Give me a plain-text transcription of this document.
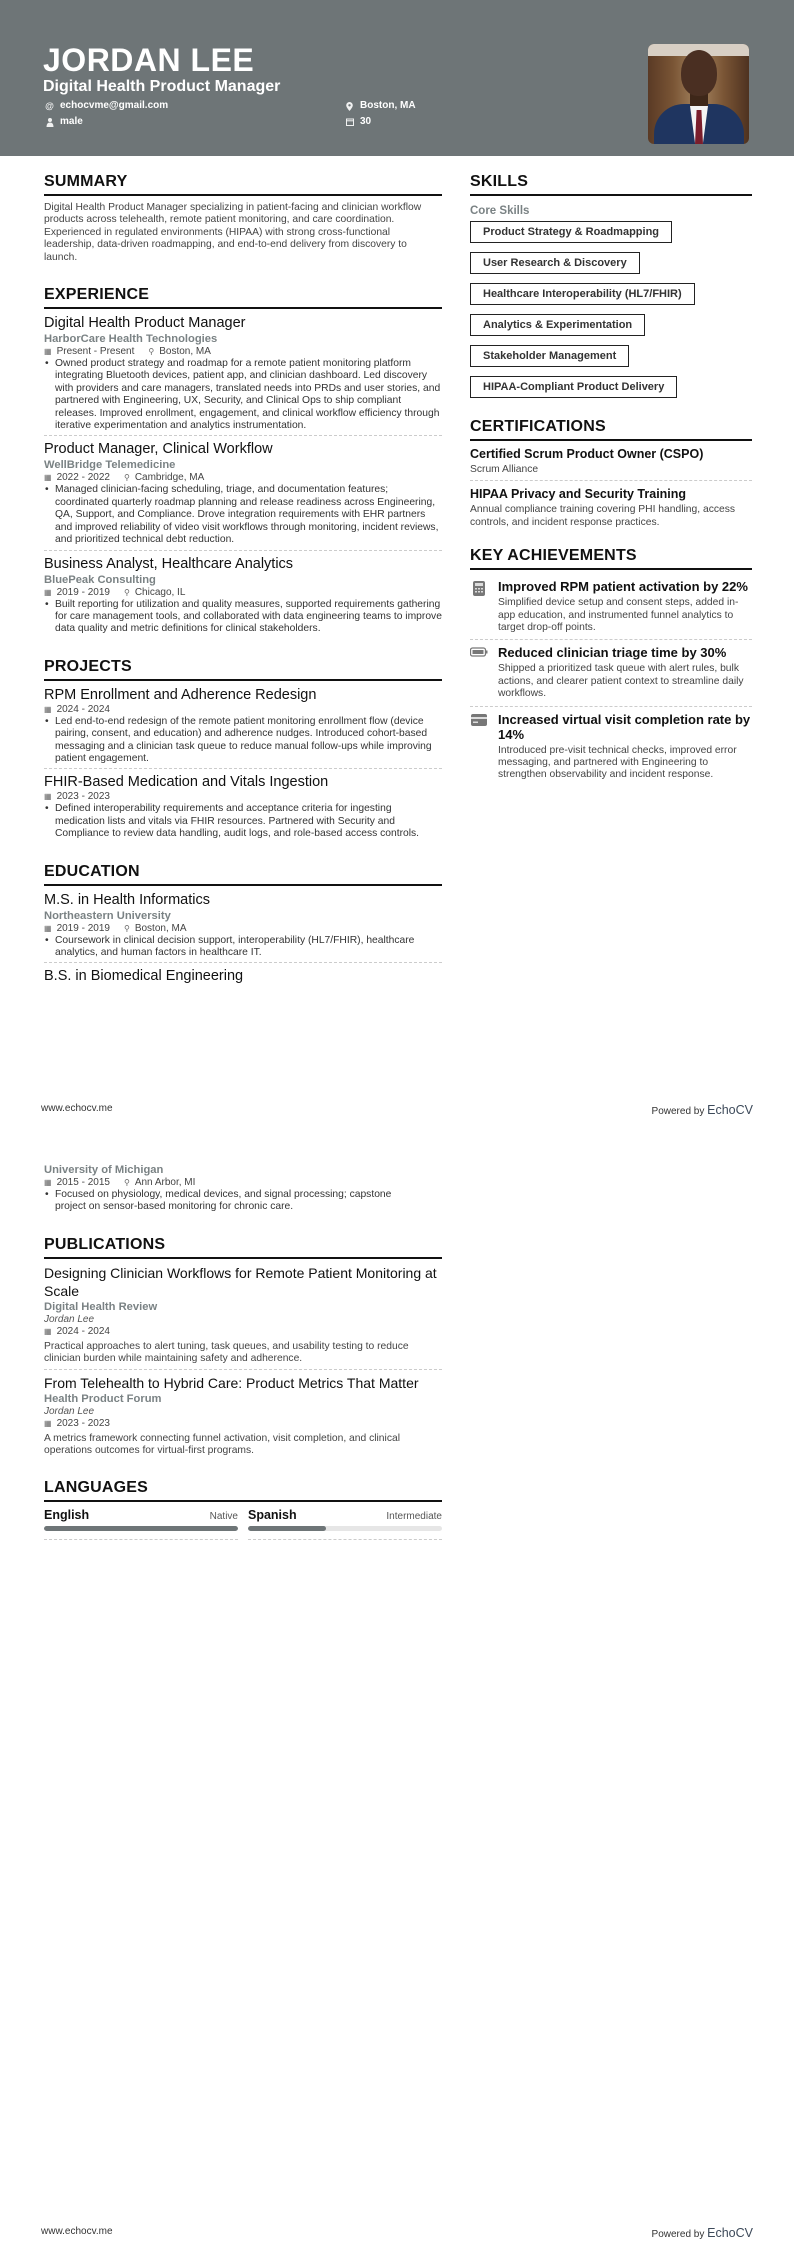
JORDAN LEE
Digital Health Product Manager
@ echocvme@gmail.com
male
Boston, MA
30
SUMMARY
Digital Health Product Manager specializing in patient-facing and clinician workflow products across telehealth, remote patient monitoring, and care coordination. Experienced in regulated environments (HIPAA) with strong cross-functional leadership, data-driven roadmapping, and end-to-end delivery from discovery to launch.
EXPERIENCE
Digital Health Product Manager
HarborCare Health Technologies
▦ Present - Present ⚲ Boston, MA
• Owned product strategy and roadmap for a remote patient monitoring platform integrating Bluetooth devices, patient app, and clinician dashboard. Led discovery with providers and care managers, translated needs into PRDs and user stories, and partnered with Engineering, UX, Security, and Clinical Ops to ship compliant releases. Improved enrollment, engagement, and clinical workflow efficiency through iterative experimentation and analytics instrumentation.
Product Manager, Clinical Workflow
WellBridge Telemedicine
▦ 2022 - 2022 ⚲ Cambridge, MA
• Managed clinician-facing scheduling, triage, and documentation features; coordinated quarterly roadmap planning and release readiness across Engineering, QA, Support, and Compliance. Drove integration requirements with EHR partners and improved reliability of video visit workflows through monitoring, incident reviews, and prioritized technical debt reduction.
Business Analyst, Healthcare Analytics
BluePeak Consulting
▦ 2019 - 2019 ⚲ Chicago, IL
• Built reporting for utilization and quality measures, supported requirements gathering for care management tools, and collaborated with data engineering teams to improve data quality and metric definitions for clinical stakeholders.
PROJECTS
RPM Enrollment and Adherence Redesign
▦ 2024 - 2024
• Led end-to-end redesign of the remote patient monitoring enrollment flow (device pairing, consent, and education) and adherence nudges. Introduced cohort-based messaging and a clinician task queue to reduce manual follow-ups while improving patient engagement.
FHIR-Based Medication and Vitals Ingestion
▦ 2023 - 2023
• Defined interoperability requirements and acceptance criteria for ingesting medication lists and vitals via FHIR resources. Partnered with Security and Compliance to review data handling, audit logs, and role-based access controls.
EDUCATION
M.S. in Health Informatics
Northeastern University
▦ 2019 - 2019 ⚲ Boston, MA
• Coursework in clinical decision support, interoperability (HL7/FHIR), healthcare analytics, and human factors in healthcare IT.
B.S. in Biomedical Engineering
www.echocv.me	Powered by EchoCV
University of Michigan
▦ 2015 - 2015 ⚲ Ann Arbor, MI
• Focused on physiology, medical devices, and signal processing; capstone project on sensor-based monitoring for chronic care.
PUBLICATIONS
Designing Clinician Workflows for Remote Patient Monitoring at Scale
Digital Health Review
Jordan Lee
▦ 2024 - 2024
Practical approaches to alert tuning, task queues, and usability testing to reduce clinician burden while maintaining safety and adherence.
From Telehealth to Hybrid Care: Product Metrics That Matter
Health Product Forum
Jordan Lee
▦ 2023 - 2023
A metrics framework connecting funnel activation, visit completion, and clinical operations outcomes for virtual-first programs.
LANGUAGES
English	Native Spanish	Intermediate
SKILLS
Core Skills
Product Strategy & Roadmapping
User Research & Discovery
Healthcare Interoperability (HL7/FHIR)
Analytics & Experimentation
Stakeholder Management
HIPAA-Compliant Product Delivery
CERTIFICATIONS
Certified Scrum Product Owner (CSPO)
Scrum Alliance
HIPAA Privacy and Security Training
Annual compliance training covering PHI handling, access controls, and incident response practices.
KEY ACHIEVEMENTS
Improved RPM patient activation by 22%
Simplified device setup and consent steps, added in-app education, and instrumented funnel analytics to target drop-off points.
Reduced clinician triage time by 30%
Shipped a prioritized task queue with alert rules, bulk actions, and clearer patient context to streamline daily workflows.
Increased virtual visit completion rate by 14%
Introduced pre-visit technical checks, improved error messaging, and partnered with Engineering to strengthen observability and incident response.
www.echocv.me	Powered by EchoCV
